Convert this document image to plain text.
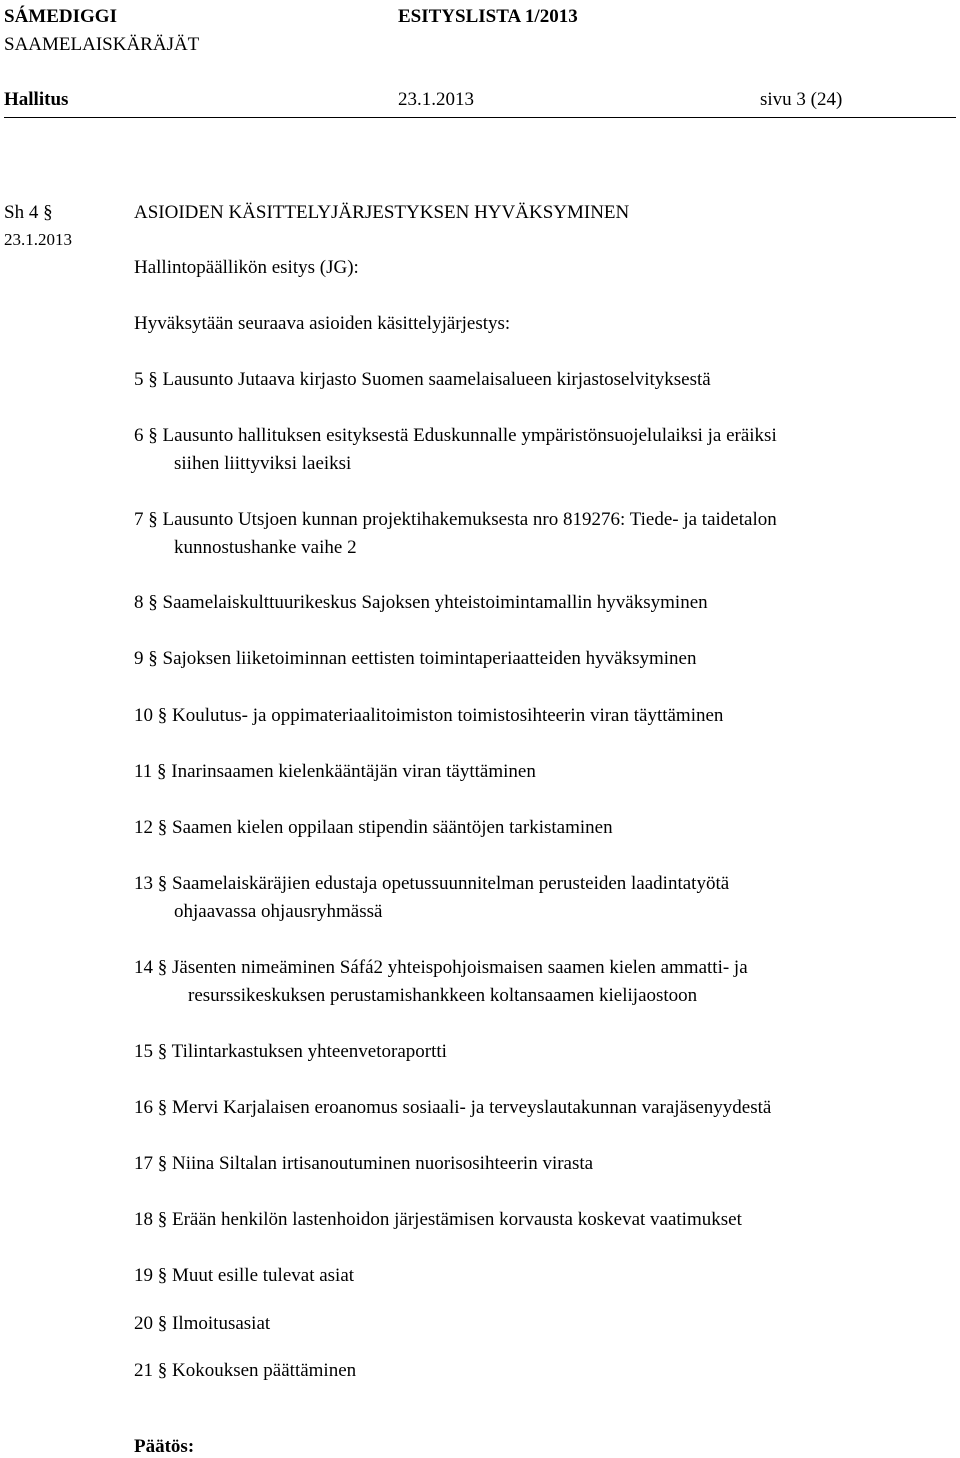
SÁMEDIGGI
SAAMELAISKÄRÄJÄT
ESITYSLISTA 1/2013
Hallitus	23.1.2013	sivu 3 (24)
Sh 4 §
23.1.2013
ASIOIDEN KÄSITTELYJÄRJESTYKSEN HYVÄKSYMINEN
Hallintopäällikön esitys (JG):
Hyväksytään seuraava asioiden käsittelyjärjestys:
5 § Lausunto Jutaava kirjasto Suomen saamelaisalueen kirjastoselvityksestä
6 § Lausunto hallituksen esityksestä Eduskunnalle ympäristönsuojelulaiksi ja eräiksi
siihen liittyviksi laeiksi
7 § Lausunto Utsjoen kunnan projektihakemuksesta nro 819276: Tiede- ja taidetalon
kunnostushanke vaihe 2
8 § Saamelaiskulttuurikeskus Sajoksen yhteistoimintamallin hyväksyminen
9 § Sajoksen liiketoiminnan eettisten toimintaperiaatteiden hyväksyminen
10 § Koulutus- ja oppimateriaalitoimiston toimistosihteerin viran täyttäminen
11 § Inarinsaamen kielenkääntäjän viran täyttäminen
12 § Saamen kielen oppilaan stipendin sääntöjen tarkistaminen
13 § Saamelaiskäräjien edustaja opetussuunnitelman perusteiden laadintatyötä
ohjaavassa ohjausryhmässä
14 § Jäsenten nimeäminen Sáfá2 yhteispohjoismaisen saamen kielen ammatti- ja
resurssikeskuksen perustamishankkeen koltansaamen kielijaostoon
15 § Tilintarkastuksen yhteenvetoraportti
16 § Mervi Karjalaisen eroanomus sosiaali- ja terveyslautakunnan varajäsenyydestä
17 § Niina Siltalan irtisanoutuminen nuorisosihteerin virasta
18 § Erään henkilön lastenhoidon järjestämisen korvausta koskevat vaatimukset
19 § Muut esille tulevat asiat
20 § Ilmoitusasiat
21 § Kokouksen päättäminen
Päätös:
